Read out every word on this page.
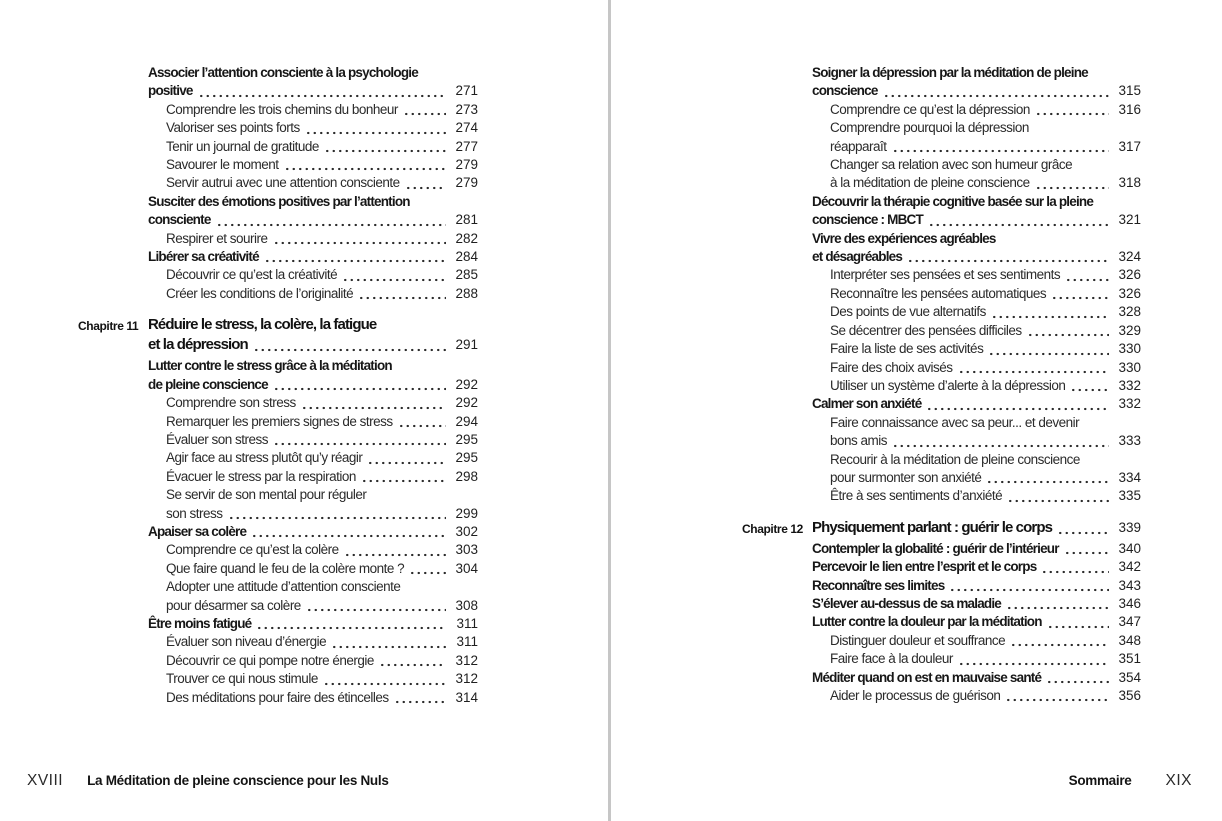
Associer l’attention consciente à la psychologie
positive	271
Comprendre les trois chemins du bonheur	273
Valoriser ses points forts	274
Tenir un journal de gratitude	277
Savourer le moment	279
Servir autrui avec une attention consciente	279
Susciter des émotions positives par l’attention
consciente	281
Respirer et sourire	282
Libérer sa créativité	284
Découvrir ce qu’est la créativité	285
Créer les conditions de l’originalité	288
Chapitre 11 Réduire le stress, la colère, la fatigue
et la dépression	291
Lutter contre le stress grâce à la méditation
de pleine conscience	292
Comprendre son stress	292
Remarquer les premiers signes de stress	294
Évaluer son stress	295
Agir face au stress plutôt qu’y réagir	295
Évacuer le stress par la respiration	298
Se servir de son mental pour réguler
son stress	299
Apaiser sa colère	302
Comprendre ce qu’est la colère	303
Que faire quand le feu de la colère monte ?	304
Adopter une attitude d’attention consciente
pour désarmer sa colère	308
Être moins fatigué	311
Évaluer son niveau d’énergie	311
Découvrir ce qui pompe notre énergie	312
Trouver ce qui nous stimule	312
Des méditations pour faire des étincelles	314
Soigner la dépression par la méditation de pleine
conscience	315
Comprendre ce qu’est la dépression	316
Comprendre pourquoi la dépression
réapparaît	317
Changer sa relation avec son humeur grâce
à la méditation de pleine conscience	318
Découvrir la thérapie cognitive basée sur la pleine
conscience : MBCT	321
Vivre des expériences agréables
et désagréables	324
Interpréter ses pensées et ses sentiments	326
Reconnaître les pensées automatiques	326
Des points de vue alternatifs	328
Se décentrer des pensées difficiles	329
Faire la liste de ses activités	330
Faire des choix avisés	330
Utiliser un système d’alerte à la dépression	332
Calmer son anxiété	332
Faire connaissance avec sa peur... et devenir
bons amis	333
Recourir à la méditation de pleine conscience
pour surmonter son anxiété	334
Être à ses sentiments d’anxiété	335
Chapitre 12 Physiquement parlant : guérir le corps	339
Contempler la globalité : guérir de l’intérieur	340
Percevoir le lien entre l’esprit et le corps	342
Reconnaître ses limites	343
S’élever au-dessus de sa maladie	346
Lutter contre la douleur par la méditation	347
Distinguer douleur et souffrance	348
Faire face à la douleur	351
Méditer quand on est en mauvaise santé	354
Aider le processus de guérison	356
XVIII La Méditation de pleine conscience pour les Nuls	Sommaire XIX
